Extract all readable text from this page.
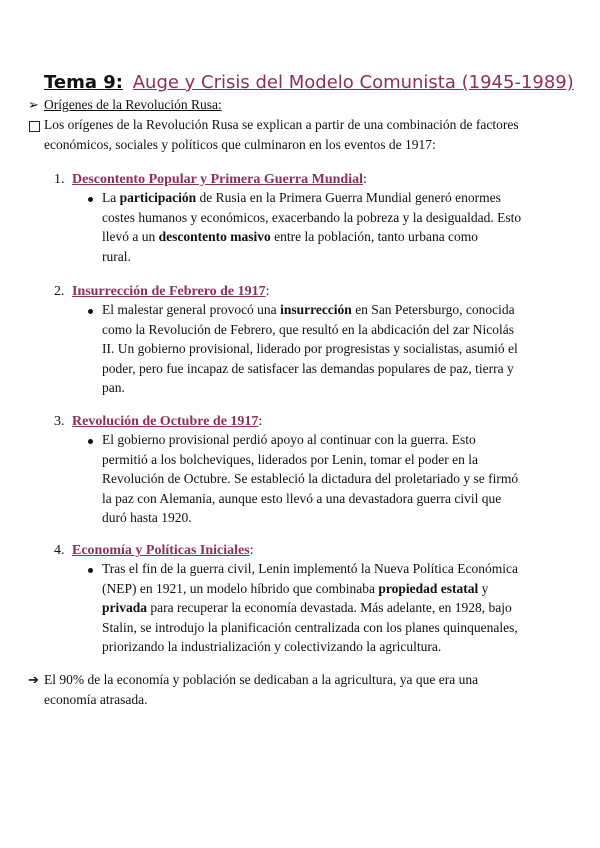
Tema 9: Auge y Crisis del Modelo Comunista (1945-1989)
➢ Orígenes de la Revolución Rusa:
Los orígenes de la Revolución Rusa se explican a partir de una combinación de factores
económicos, sociales y políticos que culminaron en los eventos de 1917:
1. Descontento Popular y Primera Guerra Mundial:
La participación de Rusia en la Primera Guerra Mundial generó enormes
costes humanos y económicos, exacerbando la pobreza y la desigualdad. Esto
llevó a un descontento masivo entre la población, tanto urbana como
rural.
2. Insurrección de Febrero de 1917:
El malestar general provocó una insurrección en San Petersburgo, conocida
como la Revolución de Febrero, que resultó en la abdicación del zar Nicolás
II. Un gobierno provisional, liderado por progresistas y socialistas, asumió el
poder, pero fue incapaz de satisfacer las demandas populares de paz, tierra y
pan.
3. Revolución de Octubre de 1917:
El gobierno provisional perdió apoyo al continuar con la guerra. Esto
permitió a los bolcheviques, liderados por Lenin, tomar el poder en la
Revolución de Octubre. Se estableció la dictadura del proletariado y se firmó
la paz con Alemania, aunque esto llevó a una devastadora guerra civil que
duró hasta 1920.
4. Economía y Políticas Iniciales:
Tras el fin de la guerra civil, Lenin implementó la Nueva Política Económica
(NEP) en 1921, un modelo híbrido que combinaba propiedad estatal y
privada para recuperar la economía devastada. Más adelante, en 1928, bajo
Stalin, se introdujo la planificación centralizada con los planes quinquenales,
priorizando la industrialización y colectivizando la agricultura.
➔ El 90% de la economía y población se dedicaban a la agricultura, ya que era una
economía atrasada.
